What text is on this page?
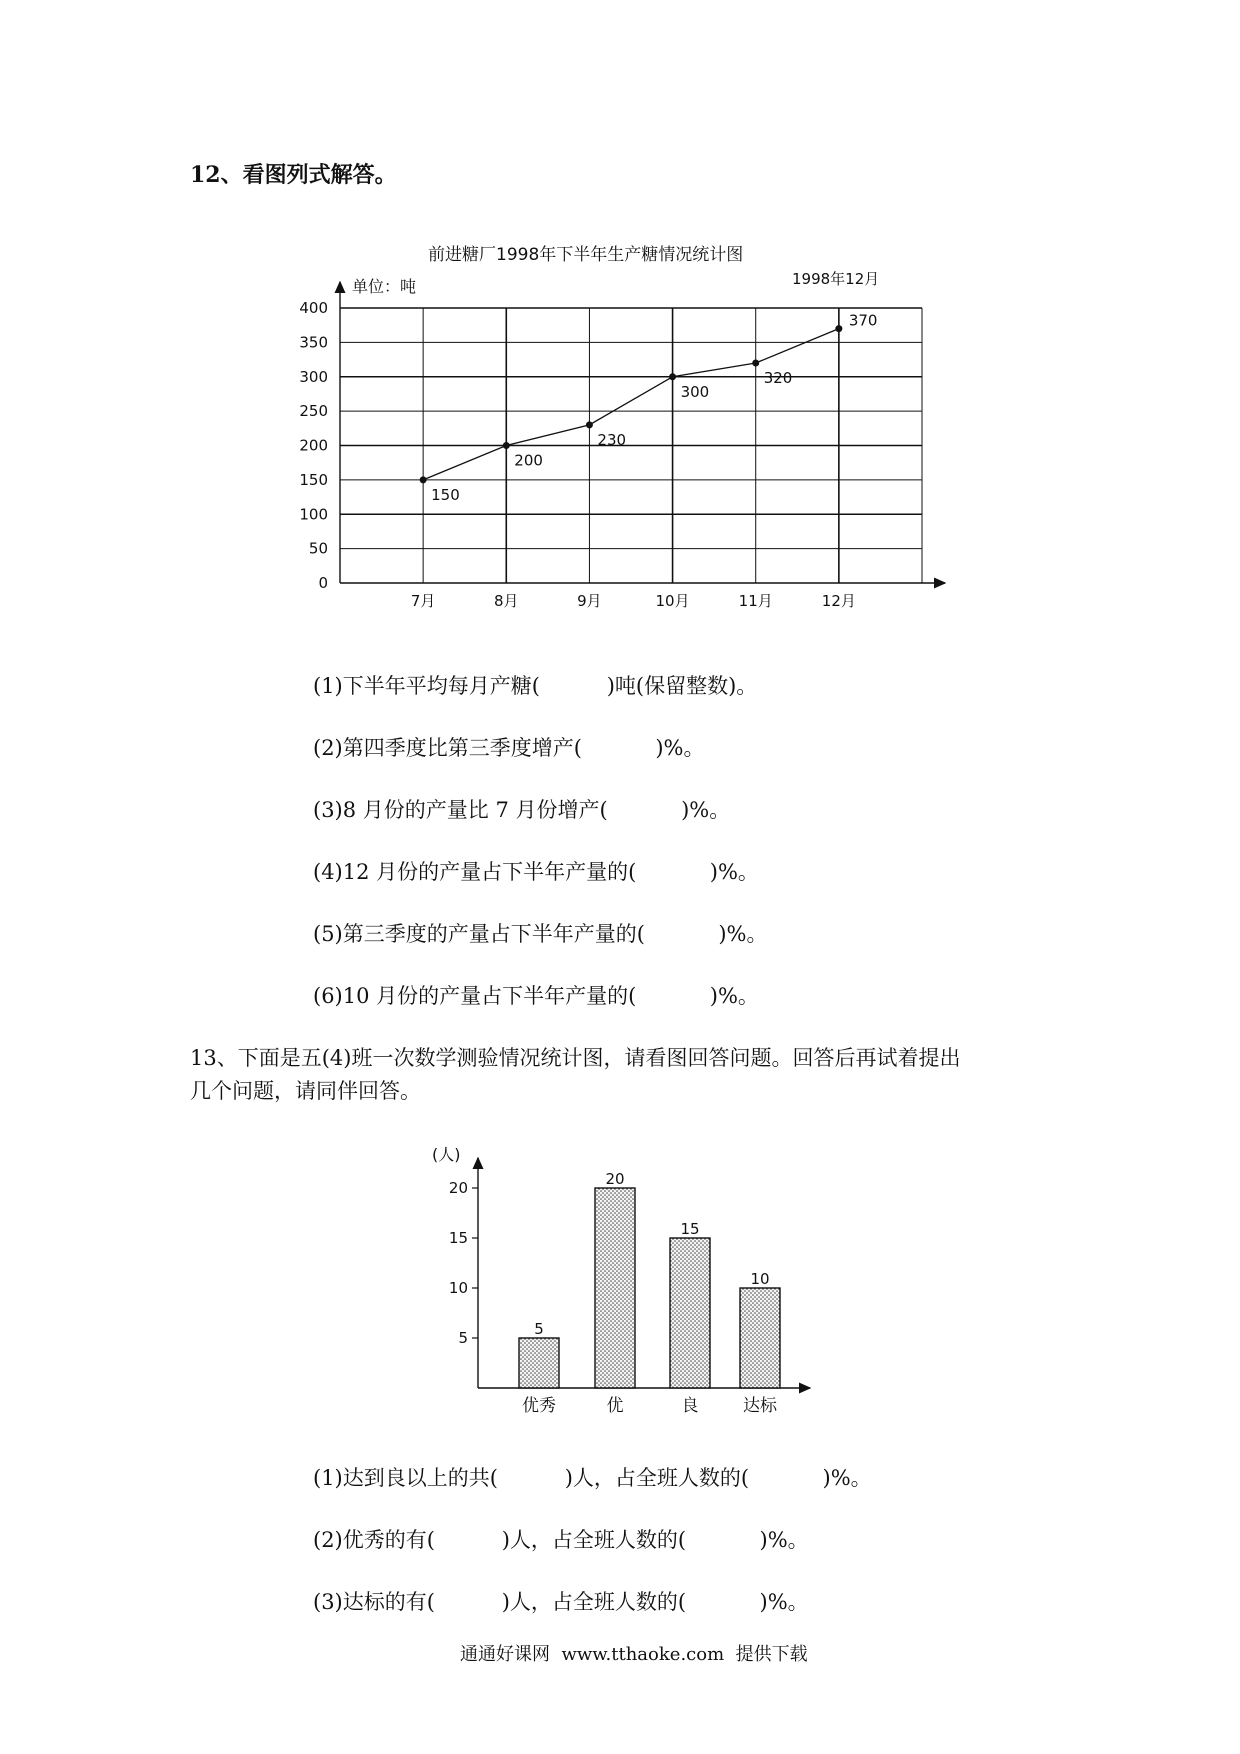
12、看图列式解答。
前进糖厂1998年下半年生产糖情况统计图
0
50
100
150
200
250
300
350
400
7月	8月	9月	10月	11月	12月
150
200
230
300
320
370
单位：吨	1998年12月
(1)下半年平均每月产糖(          )吨(保留整数)。
(2)第四季度比第三季度增产(           )%。
(3)8 月份的产量比 7 月份增产(           )%。
(4)12 月份的产量占下半年产量的(           )%。
(5)第三季度的产量占下半年产量的(           )%。
(6)10 月份的产量占下半年产量的(           )%。
13、下面是五(4)班一次数学测验情况统计图，请看图回答问题。回答后再试着提出
几个问题，请同伴回答。
5
10
15
20
5
20
15
10
优秀	优	良	达标
(人)
(1)达到良以上的共(          )人，占全班人数的(           )%。
(2)优秀的有(          )人，占全班人数的(           )%。
(3)达标的有(          )人，占全班人数的(           )%。
通通好课网  www.tthaoke.com  提供下载
